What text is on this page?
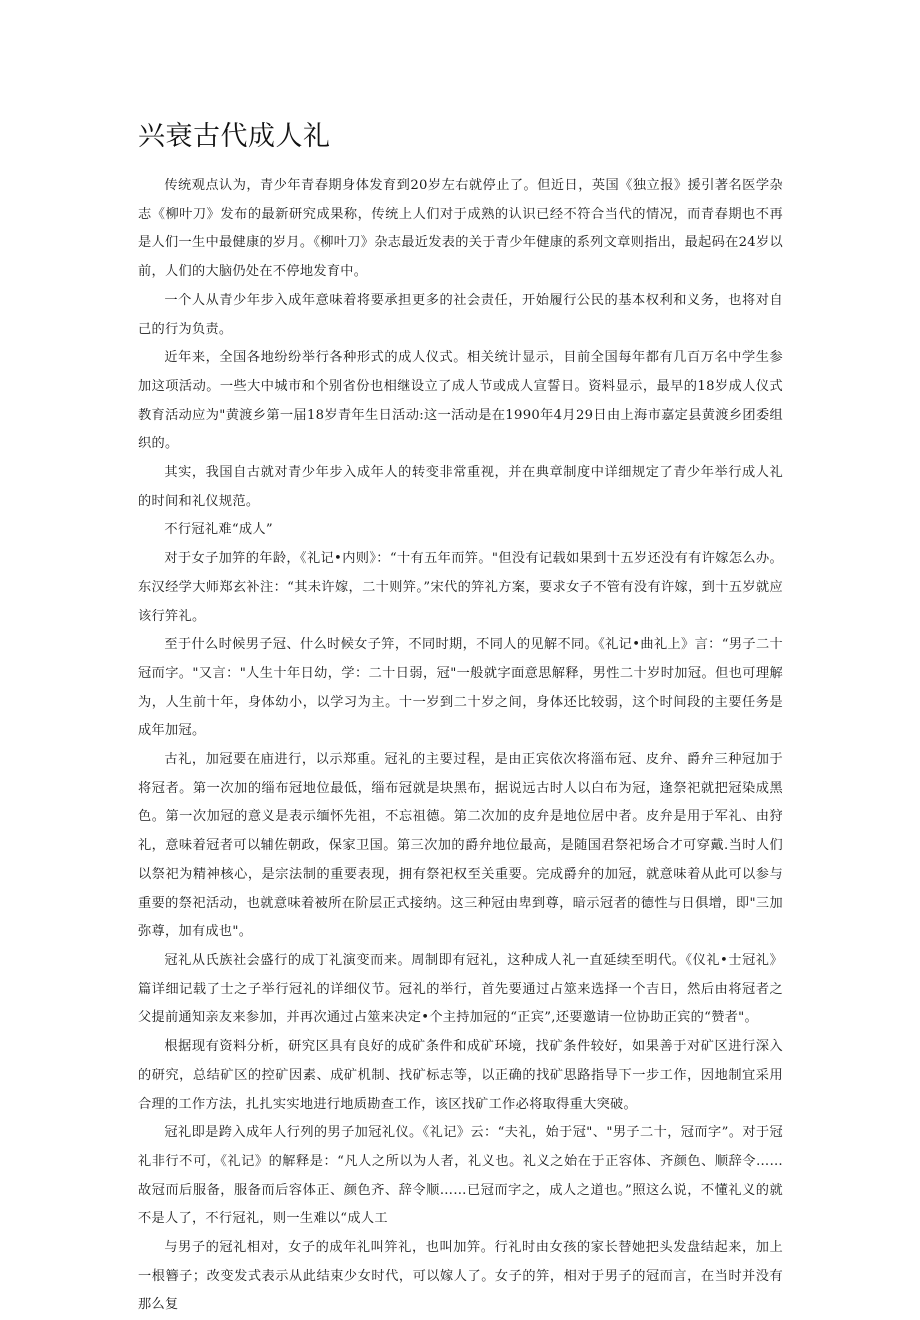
兴衰古代成人礼

传统观点认为，青少年青春期身体发育到20岁左右就停止了。但近日，英国《独立报》援引著名医学杂志《柳叶刀》发布的最新研究成果称，传统上人们对于成熟的认识已经不符合当代的情况，而青春期也不再是人们一生中最健康的岁月。《柳叶刀》杂志最近发表的关于青少年健康的系列文章则指出，最起码在24岁以前，人们的大脑仍处在不停地发育中。

一个人从青少年步入成年意味着将要承担更多的社会责任，开始履行公民的基本权利和义务，也将对自己的行为负责。

近年来，全国各地纷纷举行各种形式的成人仪式。相关统计显示，目前全国每年都有几百万名中学生参加这项活动。一些大中城市和个别省份也相继设立了成人节或成人宣誓日。资料显示，最早的18岁成人仪式教育活动应为"黄渡乡第一届18岁青年生日活动:这一活动是在1990年4月29日由上海市嘉定县黄渡乡团委组织的。

其实，我国自古就对青少年步入成年人的转变非常重视，并在典章制度中详细规定了青少年举行成人礼的时间和礼仪规范。

不行冠礼难“成人”

对于女子加笄的年龄，《礼记•内则》：“十有五年而笄。"但没有记载如果到十五岁还没有有许嫁怎么办。东汉经学大师郑玄补注：“其未许嫁，二十则笄。”宋代的笄礼方案，要求女子不管有没有许嫁，到十五岁就应该行笄礼。

至于什么时候男子冠、什么时候女子笄，不同时期，不同人的见解不同。《礼记•曲礼上》言：“男子二十冠而字。"又言："人生十年日幼，学：二十日弱，冠"一般就字面意思解释，男性二十岁时加冠。但也可理解为，人生前十年，身体幼小，以学习为主。十一岁到二十岁之间，身体还比较弱，这个时间段的主要任务是成年加冠。

古礼，加冠要在庙进行，以示郑重。冠礼的主要过程，是由正宾依次将淄布冠、皮弁、爵弁三种冠加于将冠者。第一次加的缁布冠地位最低，缁布冠就是块黑布，据说远古时人以白布为冠，逢祭祀就把冠染成黑色。第一次加冠的意义是表示缅怀先祖，不忘祖德。第二次加的皮弁是地位居中者。皮弁是用于军礼、由狩礼，意味着冠者可以辅佐朝政，保家卫国。第三次加的爵弁地位最高，是随国君祭祀场合才可穿戴.当时人们以祭祀为精神核心，是宗法制的重要表现，拥有祭祀权至关重要。完成爵弁的加冠，就意味着从此可以参与重要的祭祀活动，也就意味着被所在阶层正式接纳。这三种冠由卑到尊，暗示冠者的德性与日俱增，即"三加弥尊，加有成也"。

冠礼从氏族社会盛行的成丁礼演变而来。周制即有冠礼，这种成人礼一直延续至明代。《仪礼•士冠礼》篇详细记载了士之子举行冠礼的详细仪节。冠礼的举行，首先要通过占筮来选择一个吉日，然后由将冠者之父提前通知亲友来参加，并再次通过占筮来决定•个主持加冠的“正宾”,还要邀请一位协助正宾的“赞者"。

根据现有资料分析，研究区具有良好的成矿条件和成矿环境，找矿条件较好，如果善于对矿区进行深入的研究，总结矿区的控矿因素、成矿机制、找矿标志等，以正确的找矿思路指导下一步工作，因地制宜采用合理的工作方法，扎扎实实地进行地质勘查工作，该区找矿工作必将取得重大突破。

冠礼即是跨入成年人行列的男子加冠礼仪。《礼记》云：“夫礼，始于冠"、"男子二十，冠而字”。对于冠礼非行不可，《礼记》的解释是：“凡人之所以为人者，礼义也。礼义之始在于正容体、齐颜色、顺辞令……故冠而后服备，服备而后容体正、颜色齐、辞令顺……已冠而字之，成人之道也。”照这么说，不懂礼义的就不是人了，不行冠礼，则一生难以“成人工

与男子的冠礼相对，女子的成年礼叫笄礼，也叫加笄。行礼时由女孩的家长替她把头发盘结起来，加上一根簪子；改变发式表示从此结束少女时代，可以嫁人了。女子的笄，相对于男子的冠而言，在当时并没有那么复
